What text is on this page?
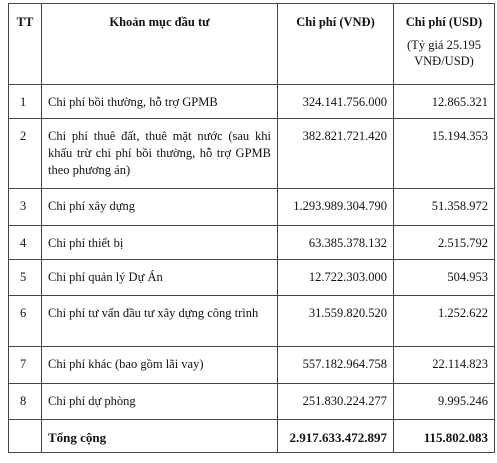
TT	Khoản mục đầu tư	Chi phí (VNĐ)	Chi phí (USD)
(Tỷ giá 25.195 VNĐ/USD)

1	Chi phí bồi thường, hỗ trợ GPMB	324.141.756.000	12.865.321
2	Chi phí thuê đất, thuê mặt nước (sau khi khấu trừ chi phí bồi thường, hỗ trợ GPMB theo phương án)	382.821.721.420	15.194.353
3	Chi phí xây dựng	1.293.989.304.790	51.358.972
4	Chi phí thiết bị	63.385.378.132	2.515.792
5	Chi phí quản lý Dự Án	12.722.303.000	504.953
6	Chi phí tư vấn đầu tư xây dựng công trình	31.559.820.520	1.252.622
7	Chi phí khác (bao gồm lãi vay)	557.182.964.758	22.114.823
8	Chi phí dự phòng	251.830.224.277	9.995.246
	Tổng cộng	2.917.633.472.897	115.802.083
